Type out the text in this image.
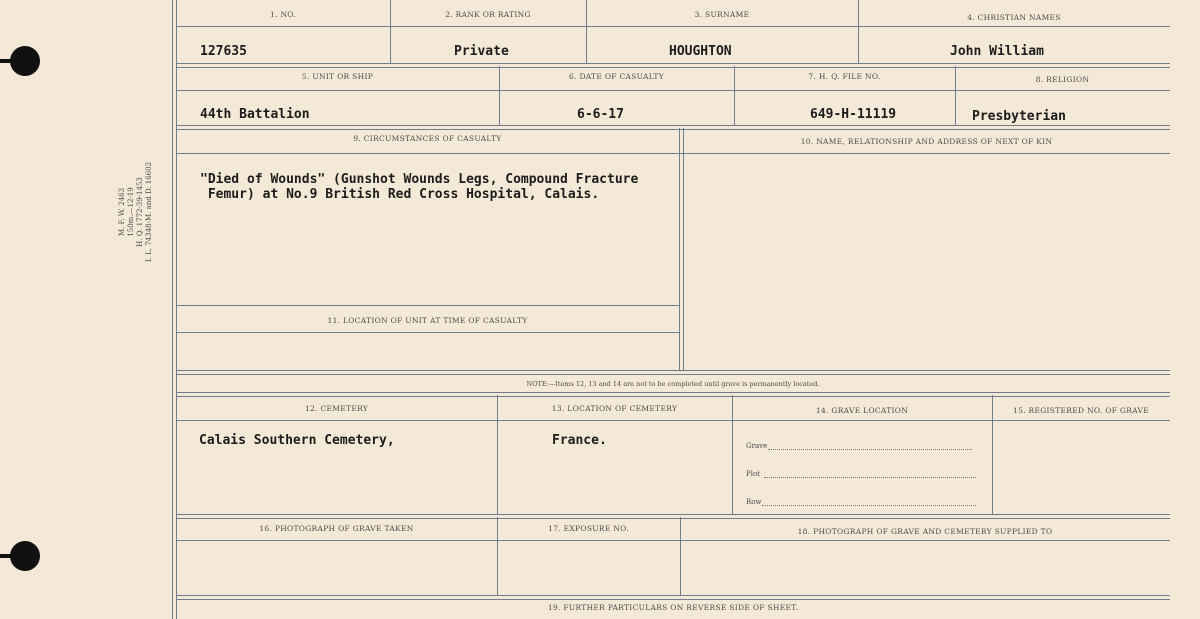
M. F. W. 2463 150m.—12-19 H. Q. 1772-39-1453 I. L. 74348-M. and D. 16602
1. NO.
127635
2. RANK OR RATING
Private
3. SURNAME
HOUGHTON
4. CHRISTIAN NAMES
John William
5. UNIT OR SHIP
44th Battalion
6. DATE OF CASUALTY
6-6-17
7. H. Q. FILE NO.
649-H-11119
8. RELIGION
Presbyterian
9. CIRCUMSTANCES OF CASUALTY
"Died of Wounds" (Gunshot Wounds Legs, Compound Fracture
Femur) at No.9 British Red Cross Hospital, Calais.
10. NAME, RELATIONSHIP AND ADDRESS OF NEXT OF KIN
11. LOCATION OF UNIT AT TIME OF CASUALTY
NOTE:—Items 12, 13 and 14 are not to be completed until grave is permanently located.
12. CEMETERY
Calais Southern Cemetery,
13. LOCATION OF CEMETERY
France.
14. GRAVE LOCATION	15. REGISTERED NO. OF GRAVE
Grave
Plot
Row
16. PHOTOGRAPH OF GRAVE TAKEN	17. EXPOSURE NO.	18. PHOTOGRAPH OF GRAVE AND CEMETERY SUPPLIED TO
19. FURTHER PARTICULARS ON REVERSE SIDE OF SHEET.
